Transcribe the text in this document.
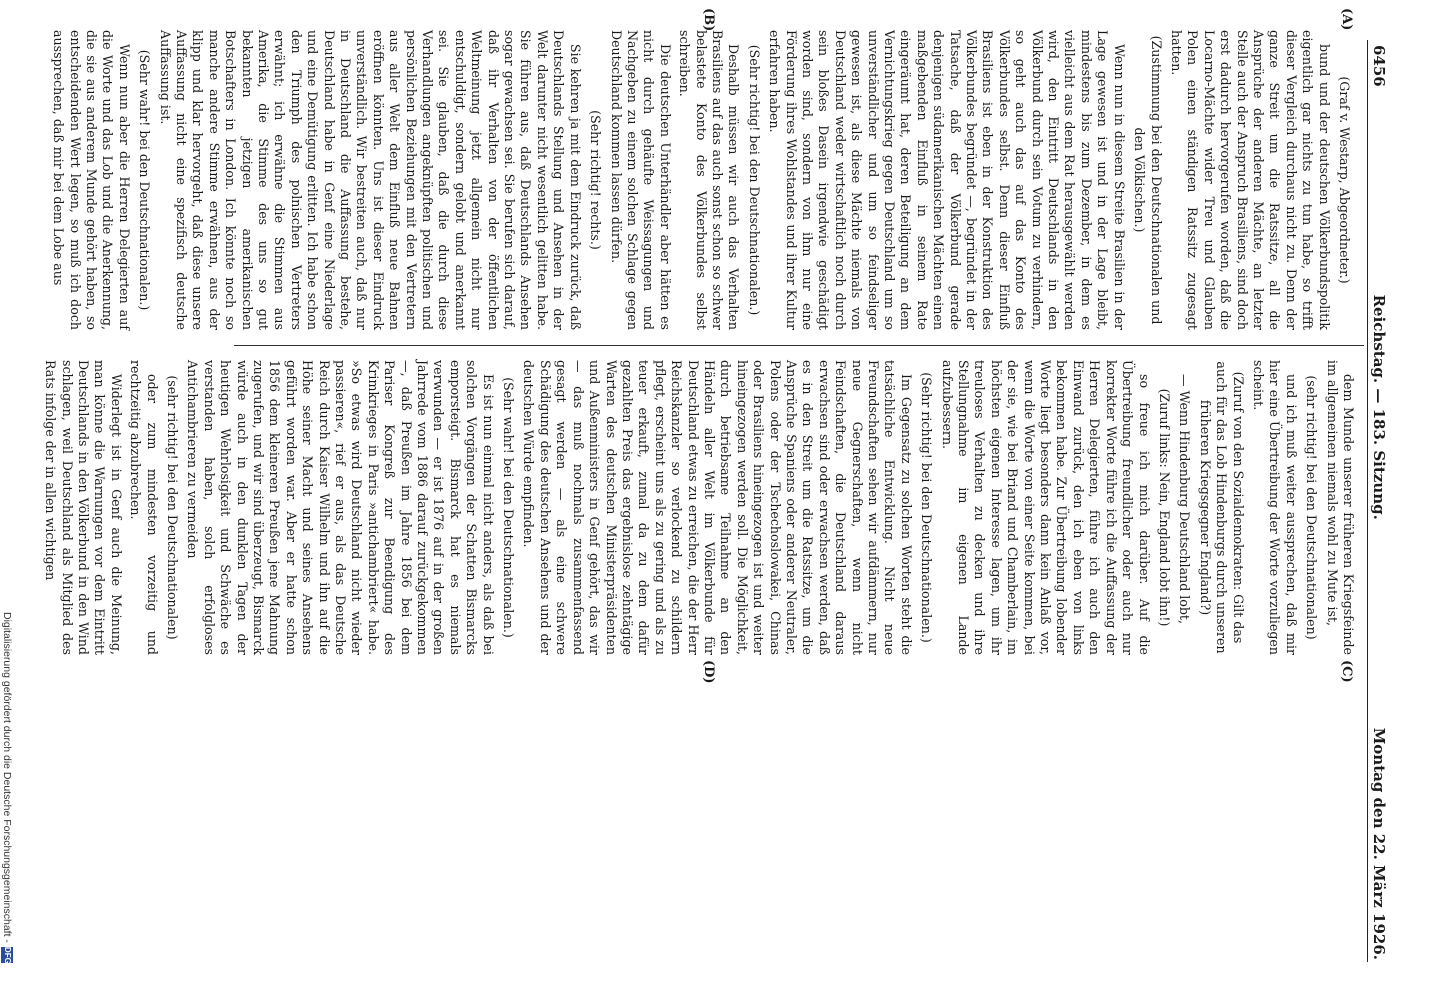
6456
Reichstag. — 183. Sitzung.
Montag den 22. März 1926.
(A)
(B)
(C)
(D)

(Graf v. Westarp, Abgeordneter.)

bund und der deutschen Völkerbundspolitik eigentlich gar nichts zu tun habe, so trifft dieser Vergleich durchaus nicht zu. Denn der ganze Streit um die Ratssitze, all die Ansprüche der anderen Mächte, an letzter Stelle auch der Anspruch Brasiliens, sind doch erst dadurch hervorgerufen worden, daß die Locarno-Mächte wider Treu und Glauben Polen einen ständigen Ratssitz zugesagt hatten.

(Zustimmung bei den Deutschnationalen und den Völkischen.)

Wenn nun in diesem Streite Brasilien in der Lage gewesen ist und in der Lage bleibt, mindestens bis zum Dezember, in dem es vielleicht aus dem Rat herausgewählt werden wird, den Eintritt Deutschlands in den Völkerbund durch sein Votum zu verhindern, so geht auch das auf das Konto des Völkerbundes selbst. Denn dieser Einfluß Brasiliens ist eben in der Konstruktion des Völkerbundes begründet —, begründet in der Tatsache, daß der Völkerbund gerade denjenigen südamerikanischen Mächten einen maßgebenden Einfluß in seinem Rate eingeräumt hat, deren Beteiligung an dem Vernichtungskrieg gegen Deutschland um so unverständlicher und um so feindseliger gewesen ist, als diese Mächte niemals von Deutschland weder wirtschaftlich noch durch sein bloßes Dasein irgendwie geschädigt worden sind, sondern von ihm nur eine Förderung ihres Wohlstandes und ihrer Kultur erfahren haben.

(Sehr richtig! bei den Deutschnationalen.)

Deshalb müssen wir auch das Verhalten Brasiliens auf das auch sonst schon so schwer belastete Konto des Völkerbundes selbst schreiben.

Die deutschen Unterhändler aber hätten es nicht durch gehäufte Weissagungen und Nachgeben zu einem solchen Schlage gegen Deutschland kommen lassen dürfen.

(Sehr richtig! rechts.)

Sie kehren ja mit dem Eindruck zurück, daß Deutschlands Stellung und Ansehen in der Welt darunter nicht wesentlich gelitten habe. Sie führen aus, daß Deutschlands Ansehen sogar gewachsen sei. Sie berufen sich darauf, daß ihr Verhalten von der öffentlichen Weltmeinung jetzt allgemein nicht nur entschuldigt, sondern gelobt und anerkannt sei. Sie glauben, daß die durch diese Verhandlungen angeknüpften politischen und persönlichen Beziehungen mit den Vertretern aus aller Welt dem Einfluß neue Bahnen eröffnen könnten. Uns ist dieser Eindruck unverständlich. Wir bestreiten auch, daß nur in Deutschland die Auffassung bestehe, Deutschland habe in Genf eine Niederlage und eine Demütigung erlitten. Ich habe schon den Triumph des polnischen Vertreters erwähnt; ich erwähne die Stimmen aus Amerika, die Stimme des uns so gut bekannten jetzigen amerikanischen Botschafters in London. Ich könnte noch so manche andere Stimme erwähnen, aus der klipp und klar hervorgeht, daß diese unsere Auffassung nicht eine spezifisch deutsche Auffassung ist.

(Sehr wahr! bei den Deutschnationalen.)

Wenn nun aber die Herren Delegierten auf die Worte und das Lob und die Anerkennung, die sie aus anderem Munde gehört haben, so entscheidenden Wert legen, so muß ich doch aussprechen, daß mir bei dem Lobe aus

dem Munde unserer früheren Kriegsfeinde im allgemeinen niemals wohl zu Mute ist,

(sehr richtig! bei den Deutschnationalen)

und ich muß weiter aussprechen, daß mir hier eine Übertreibung der Worte vorzuliegen scheint.

(Zuruf von den Sozialdemokraten: Gilt das auch für das Lob Hindenburgs durch unseren früheren Kriegsgegner England?)

— Wenn Hindenburg Deutschland lobt,

(Zuruf links: Nein, England lobt ihn!)

so freue ich mich darüber. Auf die Übertreibung freundlicher oder auch nur korrekter Worte führe ich die Auffassung der Herren Delegierten, führe ich auch den Einwand zurück, den ich eben von links bekommen habe. Zur Übertreibung lobender Worte liegt besonders dann kein Anlaß vor, wenn die Worte von einer Seite kommen, bei der sie, wie bei Briand und Chamberlain, im höchsten eigenen Interesse lagen, um ihr treuloses Verhalten zu decken und ihre Stellungnahme im eigenen Lande aufzubessern.

(Sehr richtig! bei den Deutschnationalen.)

Im Gegensatz zu solchen Worten steht die tatsächliche Entwicklung. Nicht neue Freundschaften sehen wir aufdämmern, nur neue Gegnerschaften, wenn nicht Feindschaften, die Deutschland daraus erwachsen sind oder erwachsen werden, daß es in den Streit um die Ratssitze, um die Ansprüche Spaniens oder anderer Neutraler, Polens oder der Tschechoslowakei, Chinas oder Brasiliens hineingezogen ist und weiter hineingezogen werden soll. Die Möglichkeit, durch betriebsame Teilnahme an den Händeln aller Welt im Völkerbunde für Deutschland etwas zu erreichen, die der Herr Reichskanzler so verlockend zu schildern pflegt, erscheint uns als zu gering und als zu teuer erkauft, zumal da zu dem dafür gezahlten Preis das ergebnislose zehntägige Warten des deutschen Ministerpräsidenten und Außenministers in Genf gehört, das wir — das muß nochmals zusammenfassend gesagt werden — als eine schwere Schädigung des deutschen Ansehens und der deutschen Würde empfinden.

(Sehr wahr! bei den Deutschnationalen.)

Es ist nun einmal nicht anders, als daß bei solchen Vorgängen der Schatten Bismarcks emporsteigt. Bismarck hat es niemals verwunden — er ist 1876 auf in der großen Jahrrede vom 1886 darauf zurückgekommen —, daß Preußen im Jahre 1856 bei dem Pariser Kongreß zur Beendigung des Krimkrieges in Paris »antichambriert« habe. »So etwas wird Deutschland nicht wieder passieren«, rief er aus, als das Deutsche Reich durch Kaiser Wilhelm und ihn auf die Höhe seiner Macht und seines Ansehens geführt worden war. Aber er hatte schon 1856 dem kleineren Preußen jene Mahnung zugerufen, und wir sind überzeugt, Bismarck würde auch in den dunklen Tagen der heutigen Wehrlosigkeit und Schwäche es verstanden haben, solch erfolgloses Antichambrieren zu vermeiden

(sehr richtig! bei den Deutschnationalen)

oder zum mindesten vorzeitig und rechtzeitig abzubrechen.

Widerlegt ist in Genf auch die Meinung, man könne die Warnungen vor dem Eintritt Deutschlands in den Völkerbund in den Wind schlagen, weil Deutschland als Mitglied des Rats infolge der in allen wichtigen

Digitalisierung gefördert durch die Deutsche Forschungsgemeinschaft -
DFG
